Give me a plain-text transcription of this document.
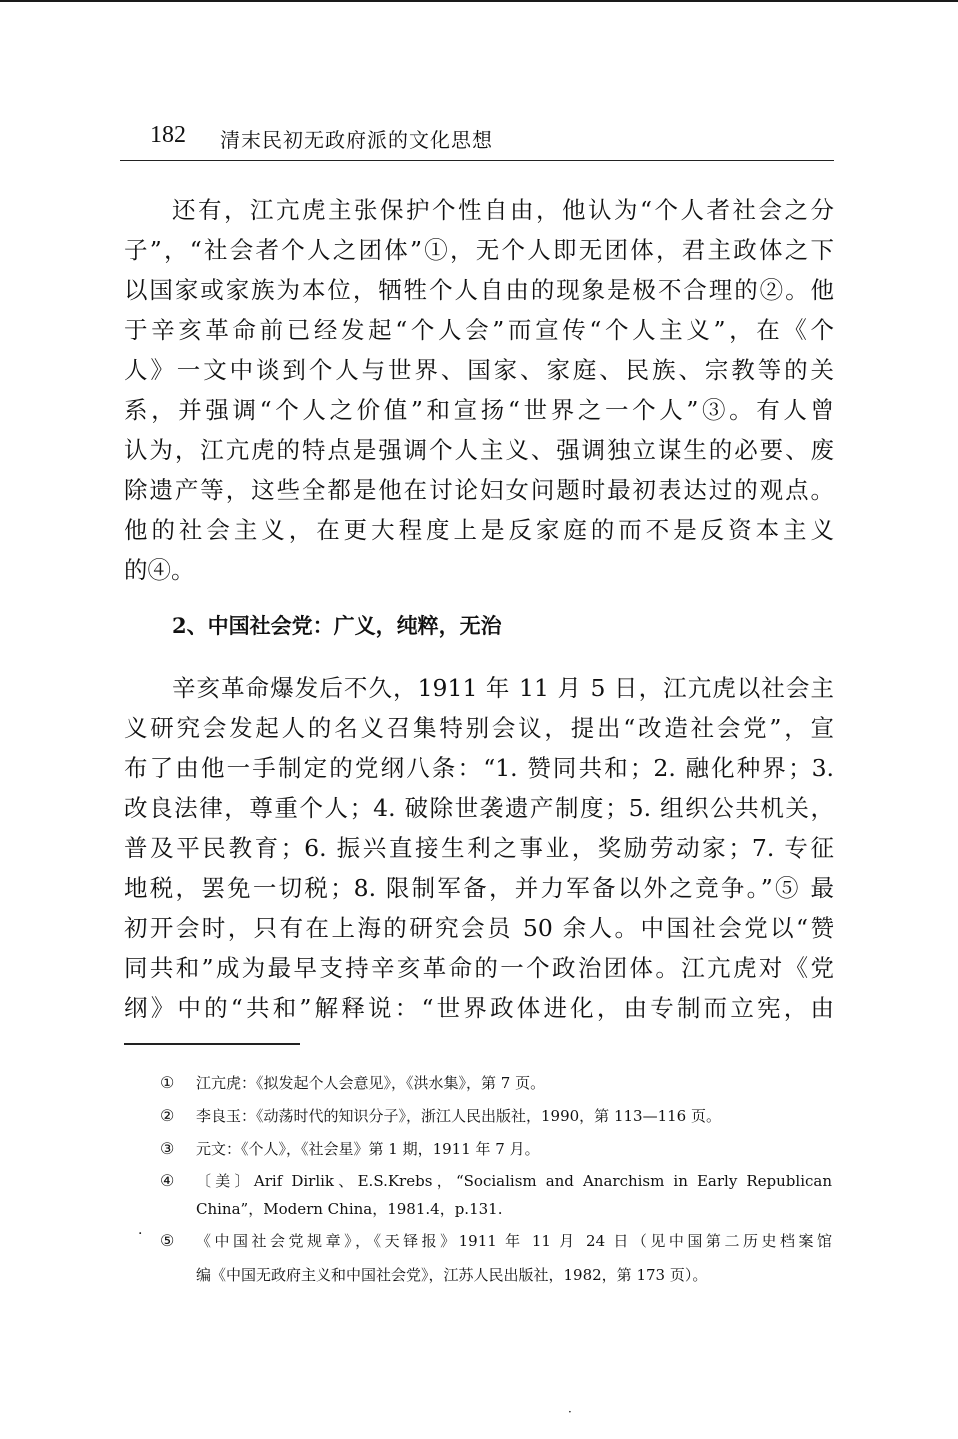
182 清末民初无政府派的文化思想
还有，江亢虎主张保护个性自由，他认为“个人者社会之分
子”，“社会者个人之团体”①，无个人即无团体，君主政体之下
以国家或家族为本位，牺牲个人自由的现象是极不合理的②。他
于辛亥革命前已经发起“个人会”而宣传“个人主义”，在《个
人》一文中谈到个人与世界、国家、家庭、民族、宗教等的关
系，并强调“个人之价值”和宣扬“世界之一个人”③。有人曾
认为，江亢虎的特点是强调个人主义、强调独立谋生的必要、废
除遗产等，这些全都是他在讨论妇女问题时最初表达过的观点。
他的社会主义，在更大程度上是反家庭的而不是反资本主义
的④。
2、中国社会党：广义，纯粹，无治
辛亥革命爆发后不久，1911 年 11 月 5 日，江亢虎以社会主
义研究会发起人的名义召集特别会议，提出“改造社会党”，宣
布了由他一手制定的党纲八条：“1. 赞同共和；2. 融化种界；3.
改良法律，尊重个人；4. 破除世袭遗产制度；5. 组织公共机关，
普及平民教育；6. 振兴直接生利之事业，奖励劳动家；7. 专征
地税，罢免一切税；8. 限制军备，并力军备以外之竞争。”⑤ 最
初开会时，只有在上海的研究会员 50 余人。中国社会党以“赞
同共和”成为最早支持辛亥革命的一个政治团体。江亢虎对《党
纲》中的“共和”解释说：“世界政体进化，由专制而立宪，由
① 江亢虎：《拟发起个人会意见》，《洪水集》，第 7 页。
② 李良玉：《动荡时代的知识分子》，浙江人民出版社，1990，第 113—116 页。
③ 元文：《个人》，《社会星》第 1 期，1911 年 7 月。
④ 〔美〕Arif Dirlik、E.S.Krebs，“Socialism and Anarchism in Early Republican
China”，Modern China，1981.4，p.131.
· ⑤ 《中国社会党规章》，《天铎报》1911 年 11 月 24 日（见中国第二历史档案馆
编《中国无政府主义和中国社会党》，江苏人民出版社，1982，第 173 页）。
·
